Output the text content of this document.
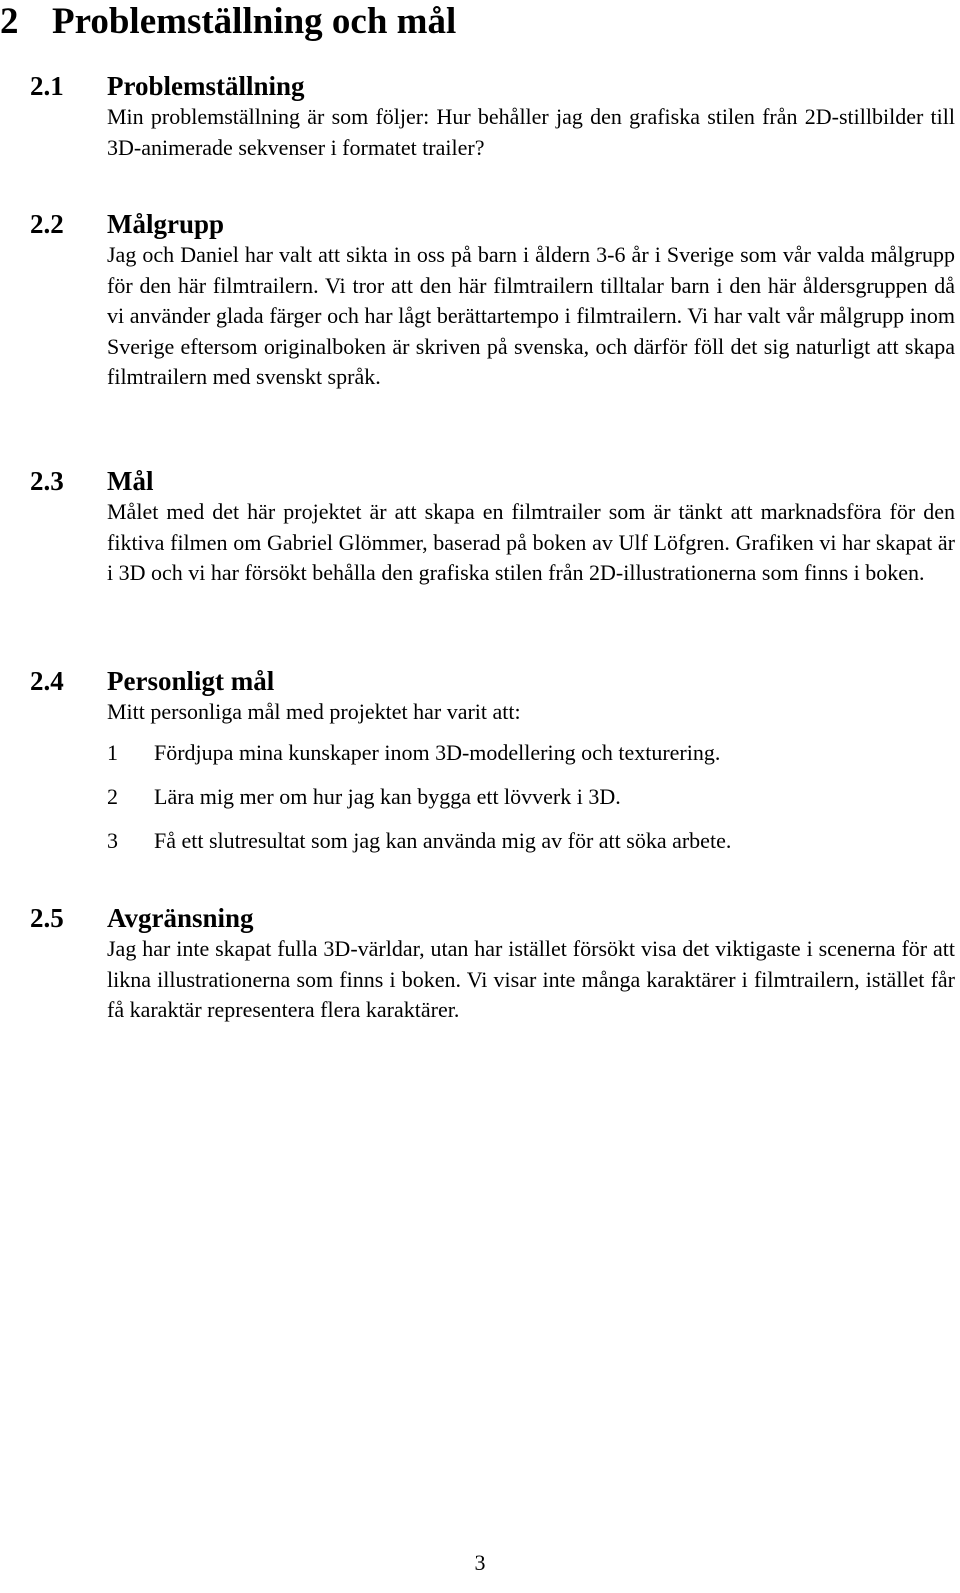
2 Problemställning och mål
2.1 Problemställning

Min problemställning är som följer: Hur behåller jag den grafiska stilen från 2D-stillbilder till 3D-animerade sekvenser i formatet trailer?

2.2 Målgrupp

Jag och Daniel har valt att sikta in oss på barn i åldern 3-6 år i Sverige som vår valda målgrupp för den här filmtrailern. Vi tror att den här filmtrailern tilltalar barn i den här åldersgruppen då vi använder glada färger och har lågt berättartempo i filmtrailern. Vi har valt vår målgrupp inom Sverige eftersom originalboken är skriven på svenska, och därför föll det sig naturligt att skapa filmtrailern med svenskt språk.

2.3 Mål

Målet med det här projektet är att skapa en filmtrailer som är tänkt att marknadsföra för den fiktiva filmen om Gabriel Glömmer, baserad på boken av Ulf Löfgren. Grafiken vi har skapat är i 3D och vi har försökt behålla den grafiska stilen från 2D-illustrationerna som finns i boken.

2.4 Personligt mål

Mitt personliga mål med projektet har varit att:

1	Fördjupa mina kunskaper inom 3D-modellering och texturering.
2	Lära mig mer om hur jag kan bygga ett lövverk i 3D.
3	Få ett slutresultat som jag kan använda mig av för att söka arbete.
2.5 Avgränsning

Jag har inte skapat fulla 3D-världar, utan har istället försökt visa det viktigaste i scenerna för att likna illustrationerna som finns i boken. Vi visar inte många karaktärer i filmtrailern, istället får få karaktär representera flera karaktärer.

3
